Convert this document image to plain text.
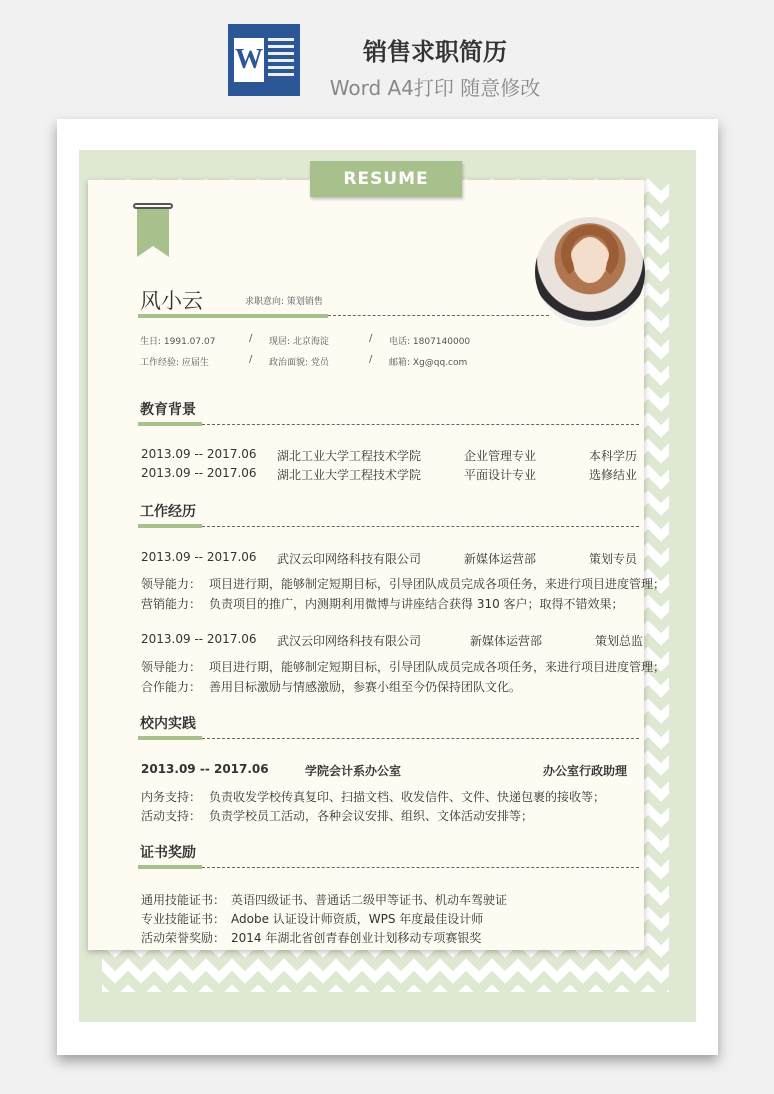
W	销售求职简历
Word A4打印 随意修改
RESUME
风小云	求职意向: 策划销售
生日: 1991.07.07	/ 现居: 北京海淀	/ 电话: 18071400​00
工作经验: 应届生	/ 政治面貌: 党员	/ 邮箱: Xg@qq.com
教育背景
2013.09 -- 2017.06 湖北工业大学工程技术学院	企业管理专业	本科学历
2013.09 -- 2017.06 湖北工业大学工程技术学院	平面设计专业	选修结业
工作经历
2013.09 -- 2017.06 武汉云印网络科技有限公司	新媒体运营部	策划专员
领导能力： 项目进行期，能够制定短期目标，引导团队成员完成各项任务，来进行项目进度管理；
营销能力： 负责项目的推广，内测期利用微博与讲座结合获得 310 客户；取得不错效果；
2013.09 -- 2017.06 武汉云印网络科技有限公司	新媒体运营部	策划总监
领导能力： 项目进行期，能够制定短期目标，引导团队成员完成各项任务，来进行项目进度管理；
合作能力： 善用目标激励与情感激励，参赛小组至今仍保持团队文化。
校内实践
2013.09 -- 2017.06	学院会计系办公室	办公室行政助理
内务支持： 负责收发学校传真复印、扫描文档、收发信件、文件、快递包裹的接收等；
活动支持： 负责学校员工活动，各种会议安排、组织、文体活动安排等；
证书奖励
通用技能证书： 英语四级证书、普通话二级甲等证书、机动车驾驶证
专业技能证书： Adobe 认证设计师资质，WPS 年度最佳设计师
活动荣誉奖励： 2014 年湖北省创青春创业计划移动专项赛银奖
